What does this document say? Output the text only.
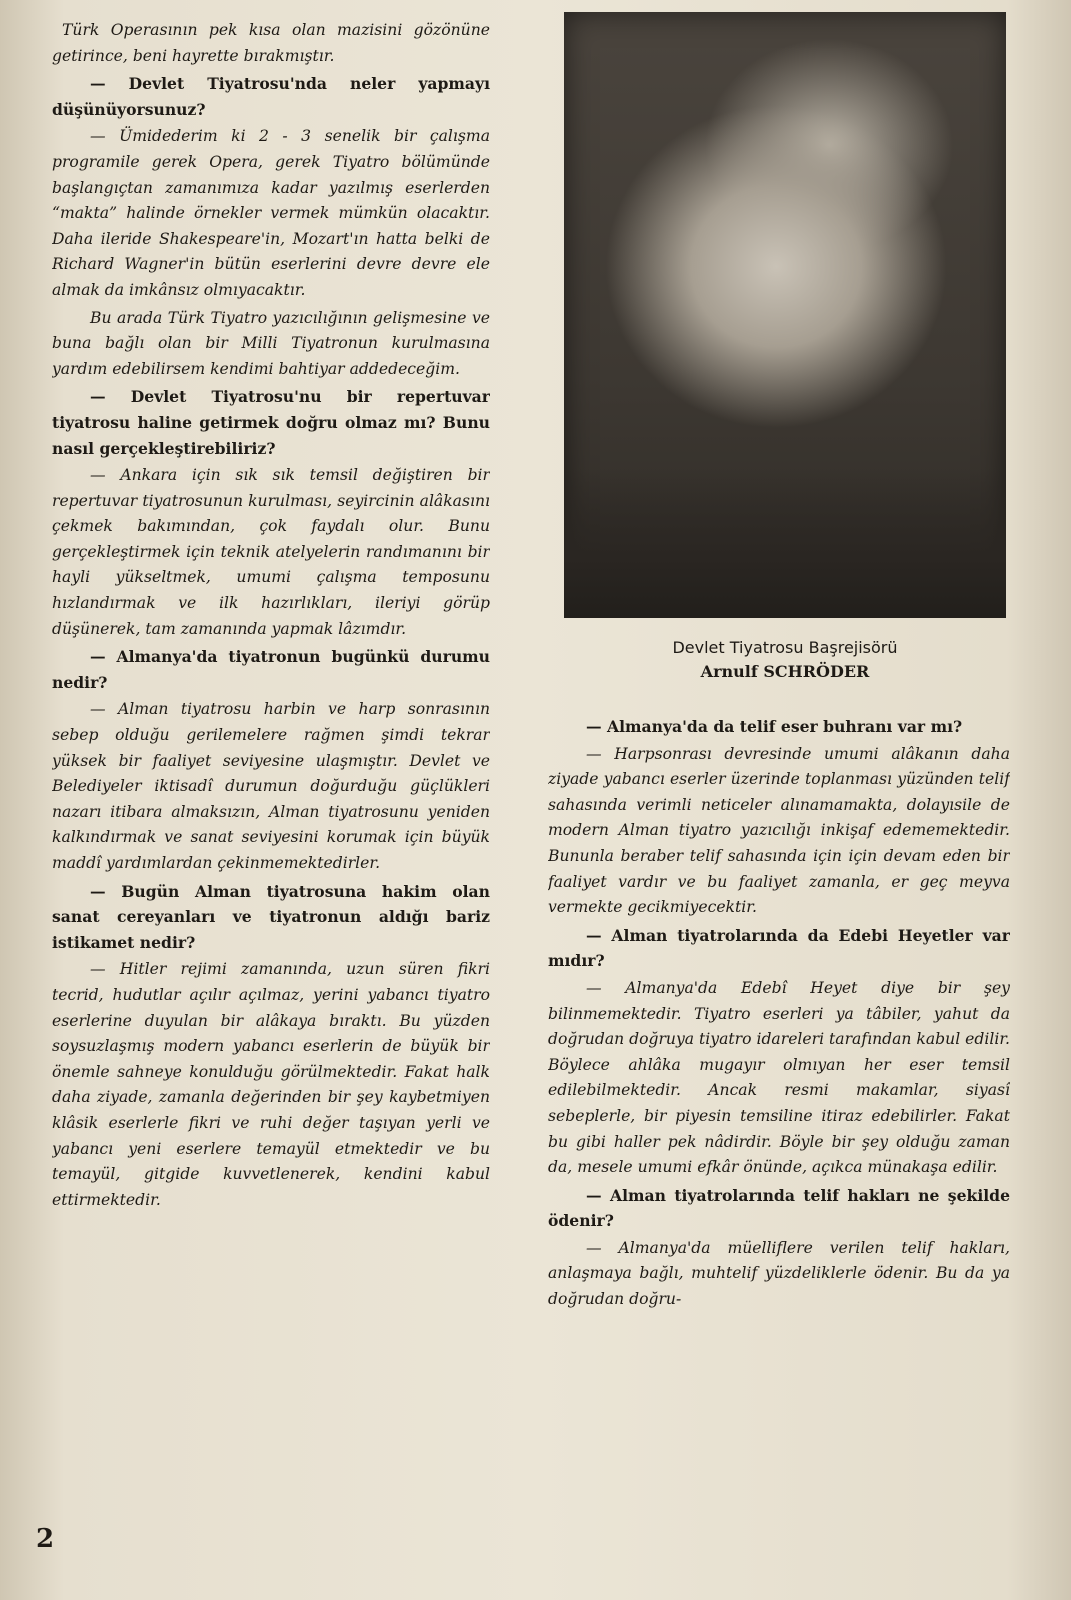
Türk Operasının pek kısa olan mazisini gözönüne getirince, beni hayrette bırakmıştır.

— Devlet Tiyatrosu'nda neler yapmayı düşünüyorsunuz?

— Ümidederim ki 2 - 3 senelik bir çalışma programile gerek Opera, gerek Tiyatro bölümünde başlangıçtan zamanımıza kadar yazılmış eserlerden “makta” halinde örnekler vermek mümkün olacaktır. Daha ileride Shakespeare'in, Mozart'ın hatta belki de Richard Wagner'in bütün eserlerini devre devre ele almak da imkânsız olmıyacaktır.

Bu arada Türk Tiyatro yazıcılığının gelişmesine ve buna bağlı olan bir Milli Tiyatronun kurulmasına yardım edebilirsem kendimi bahtiyar addedeceğim.

— Devlet Tiyatrosu'nu bir repertuvar tiyatrosu haline getirmek doğru olmaz mı? Bunu nasıl gerçekleştirebiliriz?

— Ankara için sık sık temsil değiştiren bir repertuvar tiyatrosunun kurulması, seyircinin alâkasını çekmek bakımından, çok faydalı olur. Bunu gerçekleştirmek için teknik atelyelerin randımanını bir hayli yükseltmek, umumi çalışma temposunu hızlandırmak ve ilk hazırlıkları, ileriyi görüp düşünerek, tam zamanında yapmak lâzımdır.

— Almanya'da tiyatronun bugünkü durumu nedir?

— Alman tiyatrosu harbin ve harp sonrasının sebep olduğu gerilemelere rağmen şimdi tekrar yüksek bir faaliyet seviyesine ulaşmıştır. Devlet ve Belediyeler iktisadî durumun doğurduğu güçlükleri nazarı itibara almaksızın, Alman tiyatrosunu yeniden kalkındırmak ve sanat seviyesini korumak için büyük maddî yardımlardan çekinmemektedirler.

— Bugün Alman tiyatrosuna hakim olan sanat cereyanları ve tiyatronun aldığı bariz istikamet nedir?

— Hitler rejimi zamanında, uzun süren fikri tecrid, hudutlar açılır açılmaz, yerini yabancı tiyatro eserlerine duyulan bir alâkaya bıraktı. Bu yüzden soysuzlaşmış modern yabancı eserlerin de büyük bir önemle sahneye konulduğu görülmektedir. Fakat halk daha ziyade, zamanla değerinden bir şey kaybetmiyen klâsik eserlerle fikri ve ruhi değer taşıyan yerli ve yabancı yeni eserlere temayül etmektedir ve bu temayül, gitgide kuvvetlenerek, kendini kabul ettirmektedir.

Devlet Tiyatrosu Başrejisörü
Arnulf SCHRÖDER

— Almanya'da da telif eser buhranı var mı?

— Harpsonrası devresinde umumi alâkanın daha ziyade yabancı eserler üzerinde toplanması yüzünden telif sahasında verimli neticeler alınamamakta, dolayısile de modern Alman tiyatro yazıcılığı inkişaf edememektedir. Bununla beraber telif sahasında için için devam eden bir faaliyet vardır ve bu faaliyet zamanla, er geç meyva vermekte gecikmiyecektir.

— Alman tiyatrolarında da Edebi Heyetler var mıdır?

— Almanya'da Edebî Heyet diye bir şey bilinmemektedir. Tiyatro eserleri ya tâbiler, yahut da doğrudan doğruya tiyatro idareleri tarafından kabul edilir. Böylece ahlâka mugayır olmıyan her eser temsil edilebilmektedir. Ancak resmi makamlar, siyasî sebeplerle, bir piyesin temsiline itiraz edebilirler. Fakat bu gibi haller pek nâdirdir. Böyle bir şey olduğu zaman da, mesele umumi efkâr önünde, açıkca münakaşa edilir.

— Alman tiyatrolarında telif hakları ne şekilde ödenir?

— Almanya'da müelliflere verilen telif hakları, anlaşmaya bağlı, muhtelif yüzdeliklerle ödenir. Bu da ya doğrudan doğru-

2
